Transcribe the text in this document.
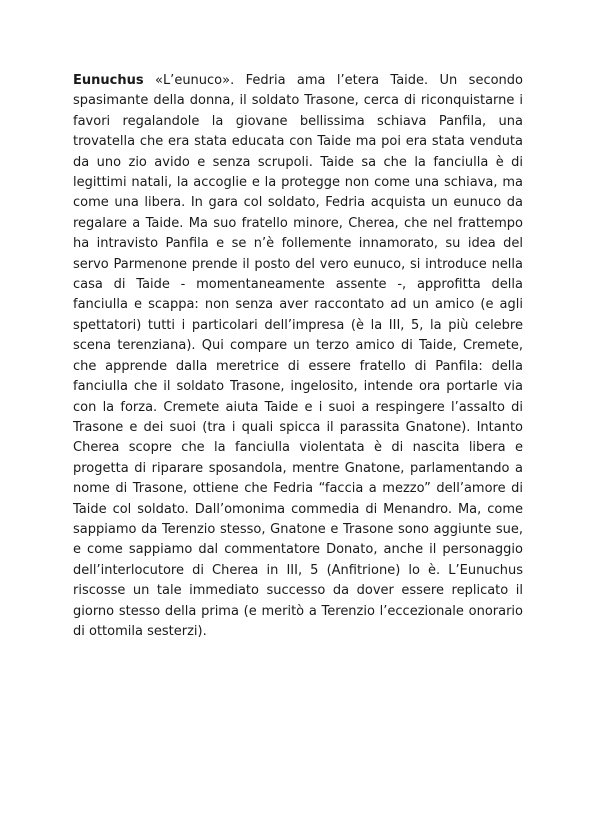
Eunuchus «L’eunuco». Fedria ama l’etera Taide. Un secondo spasimante della donna, il soldato Trasone, cerca di riconquistarne i favori regalandole la giovane bellissima schiava Panfila, una trovatella che era stata educata con Taide ma poi era stata venduta da uno zio avido e senza scrupoli. Taide sa che la fanciulla è di legittimi natali, la accoglie e la protegge non come una schiava, ma come una libera. In gara col soldato, Fedria acquista un eunuco da regalare a Taide. Ma suo fratello minore, Cherea, che nel frattempo ha intravisto Panfila e se n’è follemente innamorato, su idea del servo Parmenone prende il posto del vero eunuco, si introduce nella casa di Taide - momentaneamente assente -, approfitta della fanciulla e scappa: non senza aver raccontato ad un amico (e agli spettatori) tutti i particolari dell’impresa (è la III, 5, la più celebre scena terenziana). Qui compare un terzo amico di Taide, Cremete, che apprende dalla meretrice di essere fratello di Panfila: della fanciulla che il soldato Trasone, ingelosito, intende ora portarle via con la forza. Cremete aiuta Taide e i suoi a respingere l’assalto di Trasone e dei suoi (tra i quali spicca il parassita Gnatone). Intanto Cherea scopre che la fanciulla violentata è di nascita libera e progetta di riparare sposandola, mentre Gnatone, parlamentando a nome di Trasone, ottiene che Fedria “faccia a mezzo” dell’amore di Taide col soldato. Dall’omonima commedia di Menandro. Ma, come sappiamo da Terenzio stesso, Gnatone e Trasone sono aggiunte sue, e come sappiamo dal commentatore Donato, anche il personaggio dell’interlocutore di Cherea in III, 5 (Anfitrione) lo è. L’Eunuchus riscosse un tale immediato successo da dover essere replicato il giorno stesso della prima (e meritò a Terenzio l’eccezionale onorario di ottomila sesterzi).
